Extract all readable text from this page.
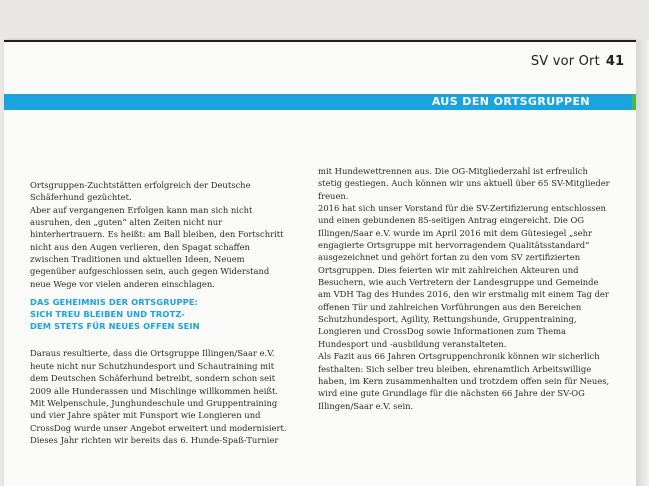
SV vor Ort 41
AUS DEN ORTSGRUPPEN

Ortsgruppen-Zuchtstätten erfolgreich der Deutsche Schäferhund gezüchtet.

Aber auf vergangenen Erfolgen kann man sich nicht ausruhen, den „guten“ alten Zeiten nicht nur hinterhertrauern. Es heißt: am Ball bleiben, den Fortschritt nicht aus den Augen verlieren, den Spagat schaffen zwischen Traditionen und aktuellen Ideen, Neuem gegenüber aufgeschlossen sein, auch gegen Widerstand neue Wege vor vielen anderen einschlagen.

DAS GEHEIMNIS DER ORTSGRUPPE:
SICH TREU BLEIBEN UND TROTZ-
DEM STETS FÜR NEUES OFFEN SEIN

Daraus resultierte, dass die Ortsgruppe Illingen/Saar e.V. heute nicht nur Schutzhundesport und Schautraining mit dem Deutschen Schäferhund betreibt, sondern schon seit 2009 alle Hunderassen und Mischlinge willkommen heißt.

Mit Welpenschule, Junghundeschule und Gruppentraining und vier Jahre später mit Funsport wie Longieren und CrossDog wurde unser Angebot erweitert und modernisiert. Dieses Jahr richten wir bereits das 6. Hunde-Spaß-Turnier

mit Hundewettrennen aus. Die OG-Mitgliederzahl ist erfreulich stetig gestiegen. Auch können wir uns aktuell über 65 SV-Mitglieder freuen.

2016 hat sich unser Vorstand für die SV-Zertifizierung entschlossen und einen gebundenen 85-seitigen Antrag eingereicht. Die OG Illingen/Saar e.V. wurde im April 2016 mit dem Gütesiegel „sehr engagierte Ortsgruppe mit hervorragendem Qualitätsstandard“ ausgezeichnet und gehört fortan zu den vom SV zertifizierten Ortsgruppen. Dies feierten wir mit zahlreichen Akteuren und Besuchern, wie auch Vertretern der Landesgruppe und Gemeinde am VDH Tag des Hundes 2016, den wir erstmalig mit einem Tag der offenen Tür und zahlreichen Vorführungen aus den Bereichen Schutzhundesport, Agility, Rettungshunde, Gruppentraining, Longieren und CrossDog sowie Informationen zum Thema Hundesport und -ausbildung veranstalteten.

Als Fazit aus 66 Jahren Ortsgruppenchronik können wir sicherlich festhalten: Sich selber treu bleiben, ehrenamtlich Arbeitswillige haben, im Kern zusammenhalten und trotzdem offen sein für Neues, wird eine gute Grundlage für die nächsten 66 Jahre der SV-OG Illingen/Saar e.V. sein.
